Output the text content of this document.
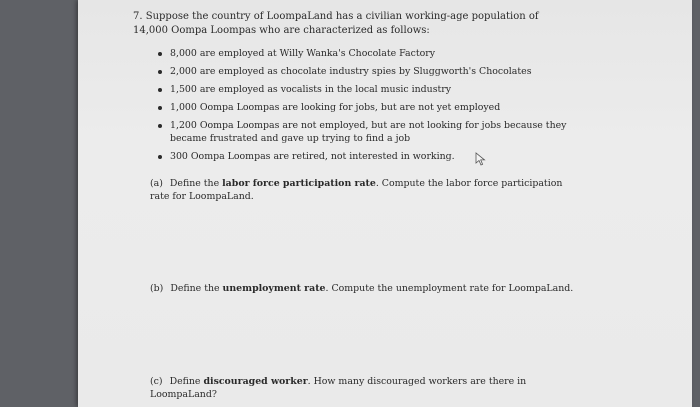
7. Suppose the country of LoompaLand has a civilian working-age population of 14,000 Oompa Loompas who are characterized as follows:
8,000 are employed at Willy Wanka's Chocolate Factory
2,000 are employed as chocolate industry spies by Sluggworth's Chocolates
1,500 are employed as vocalists in the local music industry
1,000 Oompa Loompas are looking for jobs, but are not yet employed
1,200 Oompa Loompas are not employed, but are not looking for jobs because they became frustrated and gave up trying to find a job
300 Oompa Loompas are retired, not interested in working.
(a) Define the labor force participation rate. Compute the labor force participation rate for LoompaLand.
(b) Define the unemployment rate. Compute the unemployment rate for LoompaLand.
(c) Define discouraged worker. How many discouraged workers are there in LoompaLand?
